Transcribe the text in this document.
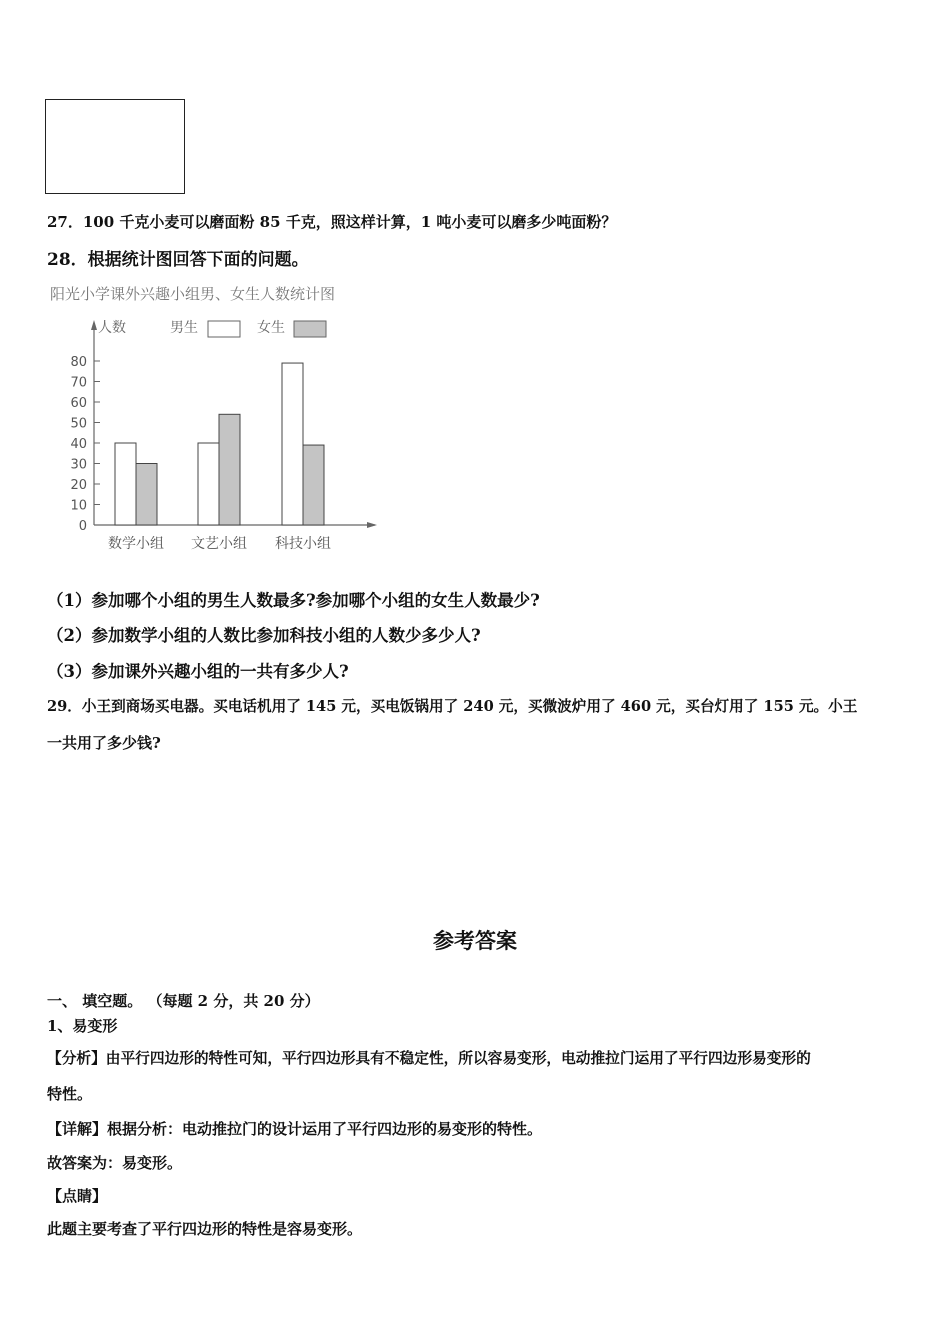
27．100 千克小麦可以磨面粉 85 千克，照这样计算，1 吨小麦可以磨多少吨面粉？
28．根据统计图回答下面的问题。
阳光小学课外兴趣小组男、女生人数统计图
男生	女生
0
10
20
30
40
50
60
70
80
人数
数学小组 文艺小组 科技小组
（1）参加哪个小组的男生人数最多?参加哪个小组的女生人数最少?
（2）参加数学小组的人数比参加科技小组的人数少多少人?
（3）参加课外兴趣小组的一共有多少人?
29．小王到商场买电器。买电话机用了 145 元，买电饭锅用了 240 元，买微波炉用了 460 元，买台灯用了 155 元。小王
一共用了多少钱?
参考答案
一、 填空题。 （每题 2 分，共 20 分）
1、易变形
【分析】由平行四边形的特性可知，平行四边形具有不稳定性，所以容易变形，电动推拉门运用了平行四边形易变形的
特性。
【详解】根据分析：电动推拉门的设计运用了平行四边形的易变形的特性。
故答案为：易变形。
【点睛】
此题主要考查了平行四边形的特性是容易变形。
